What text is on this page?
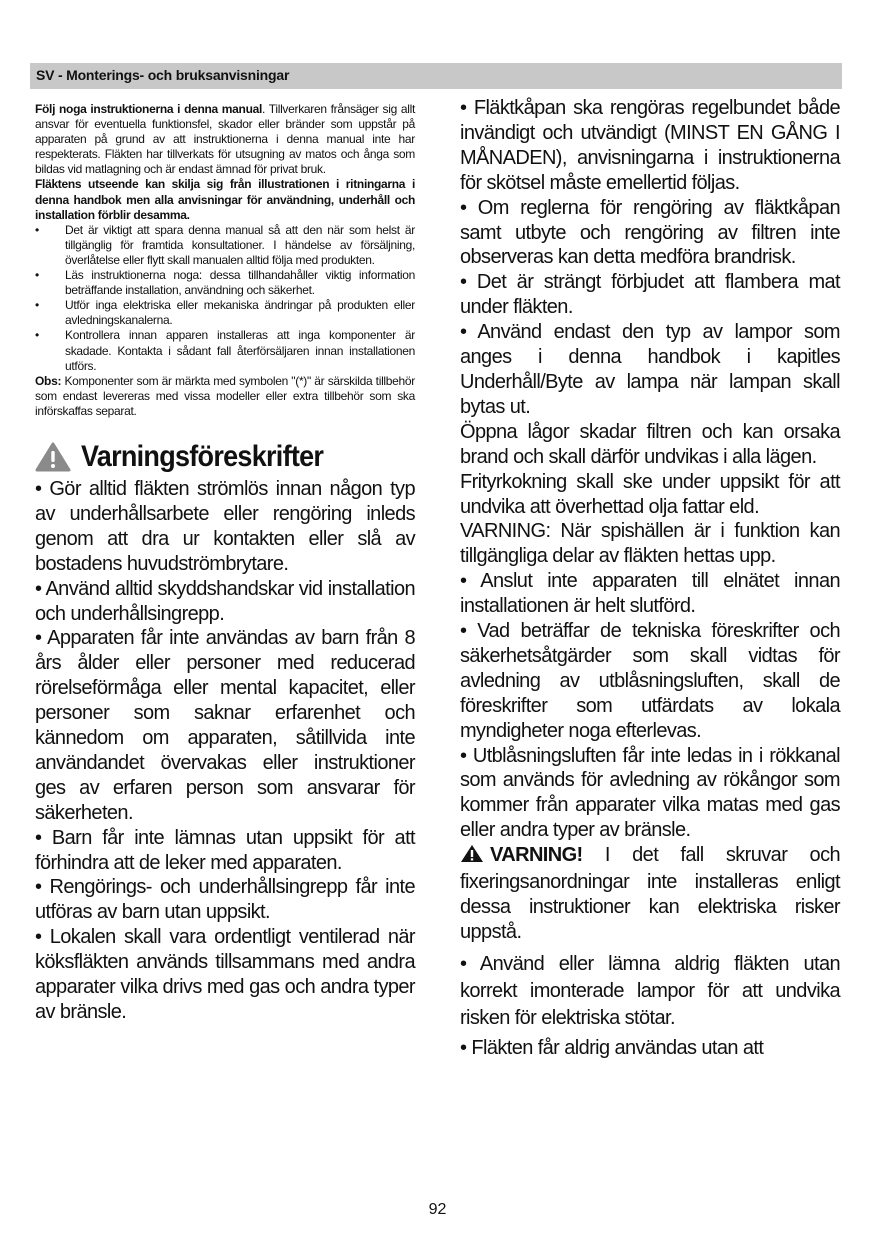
SV - Monterings- och bruksanvisningar

Följ noga instruktionerna i denna manual. Tillverkaren frånsäger sig allt ansvar för eventuella funktionsfel, skador eller bränder som uppstår på apparaten på grund av att instruktionerna i denna manual inte har respekterats. Fläkten har tillverkats för utsugning av matos och ånga som bildas vid matlagning och är endast ämnad för privat bruk.

Fläktens utseende kan skilja sig från illustrationen i ritningarna i denna handbok men alla anvisningar för användning, underhåll och installation förblir desamma.

• Det är viktigt att spara denna manual så att den när som helst är tillgänglig för framtida konsultationer. I händelse av försäljning, överlåtelse eller flytt skall manualen alltid följa med produkten.
• Läs instruktionerna noga: dessa tillhandahåller viktig information beträffande installation, användning och säkerhet.
• Utför inga elektriska eller mekaniska ändringar på produkten eller avledningskanalerna.
• Kontrollera innan apparen installeras att inga komponenter är skadade. Kontakta i sådant fall återförsäljaren innan installationen utförs.

Obs: Komponenter som är märkta med symbolen "(*)" är särskilda tillbehör som endast levereras med vissa modeller eller extra tillbehör som ska införskaffas separat.

Varningsföreskrifter

• Gör alltid fläkten strömlös innan någon typ av underhållsarbete eller rengöring inleds genom att dra ur kontakten eller slå av bostadens huvudströmbrytare.

• Använd alltid skyddshandskar vid installation och underhållsingrepp.

• Apparaten får inte användas av barn från 8 års ålder eller personer med reducerad rörelseförmåga eller mental kapacitet, eller personer som saknar erfarenhet och kännedom om apparaten, såtillvida inte användandet övervakas eller instruktioner ges av erfaren person som ansvarar för säkerheten.

• Barn får inte lämnas utan uppsikt för att förhindra att de leker med apparaten.

• Rengörings- och underhållsingrepp får inte utföras av barn utan uppsikt.

• Lokalen skall vara ordentligt ventilerad när köksfläkten används tillsammans med andra apparater vilka drivs med gas och andra typer av bränsle.

• Fläktkåpan ska rengöras regelbundet både invändigt och utvändigt (MINST EN GÅNG I MÅNADEN), anvisningarna i instruktionerna för skötsel måste emellertid följas.

• Om reglerna för rengöring av fläktkåpan samt utbyte och rengöring av filtren inte observeras kan detta medföra brandrisk.

• Det är strängt förbjudet att flambera mat under fläkten.

• Använd endast den typ av lampor som anges i denna handbok i kapitles Underhåll/Byte av lampa när lampan skall bytas ut.

Öppna lågor skadar filtren och kan orsaka brand och skall därför undvikas i alla lägen.

Frityrkokning skall ske under uppsikt för att undvika att överhettad olja fattar eld.

VARNING: När spishällen är i funktion kan tillgängliga delar av fläkten hettas upp.

• Anslut inte apparaten till elnätet innan installationen är helt slutförd.

• Vad beträffar de tekniska föreskrifter och säkerhetsåtgärder som skall vidtas för avledning av utblåsningsluften, skall de föreskrifter som utfärdats av lokala myndigheter noga efterlevas.

• Utblåsningsluften får inte ledas in i rökkanal som används för avledning av rökångor som kommer från apparater vilka matas med gas eller andra typer av bränsle.

VARNING! I det fall skruvar och fixeringsanordningar inte installeras enligt dessa instruktioner kan elektriska risker uppstå.

• Använd eller lämna aldrig fläkten utan korrekt imonterade lampor för att undvika risken för elektriska stötar.

• Fläkten får aldrig användas utan att

92
